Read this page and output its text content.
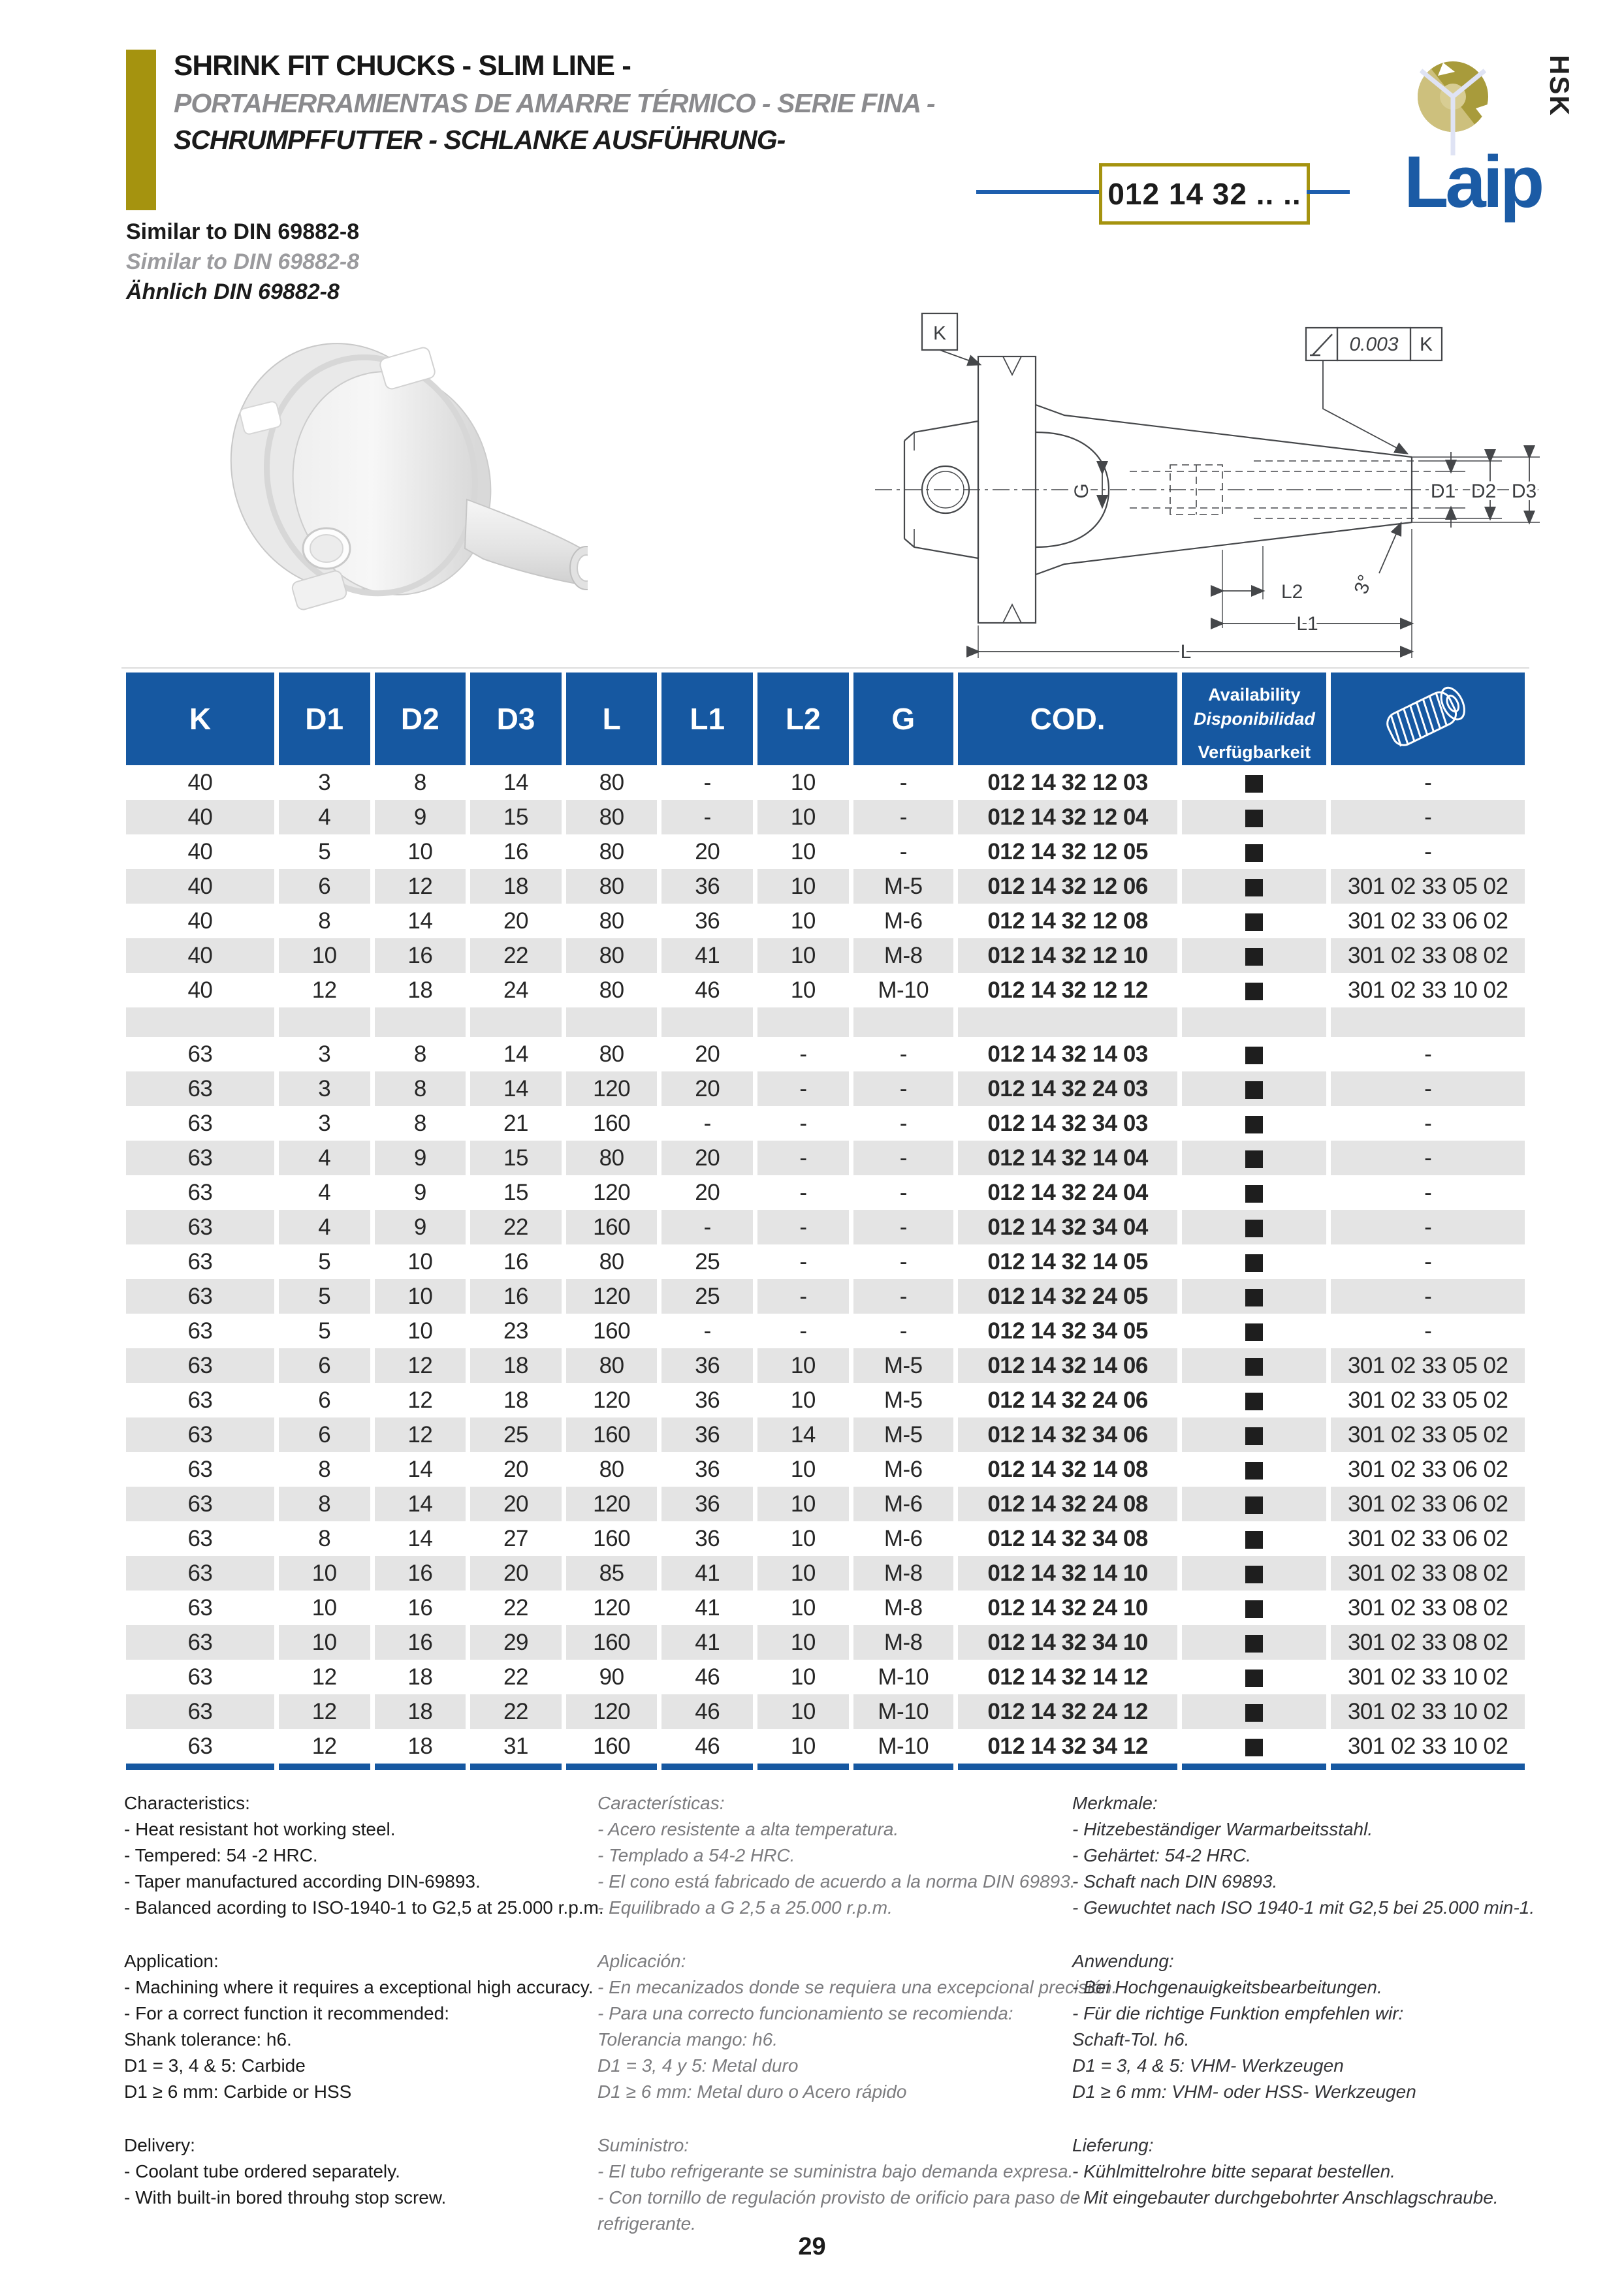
SHRINK FIT CHUCKS - SLIM LINE -
PORTAHERRAMIENTAS DE AMARRE TÉRMICO - SERIE FINA -
SCHRUMPFFUTTER - SCHLANKE AUSFÜHRUNG-
HSK
Laip
012 14 32 .. ..
Similar to DIN 69882-8
Similar to DIN 69882-8
Ähnlich DIN 69882-8
K
0.003 K
G
3°
D1 D2 D3
L2
L1
L
K	D1	D2	D3	L	L1	L2	G	COD.	Availability
Disponibilidad
Verfügbarkeit	
40	3	8	14	80	-	10	-	012 14 32 12 03		-
40	4	9	15	80	-	10	-	012 14 32 12 04		-
40	5	10	16	80	20	10	-	012 14 32 12 05		-
40	6	12	18	80	36	10	M-5	012 14 32 12 06		301 02 33 05 02
40	8	14	20	80	36	10	M-6	012 14 32 12 08		301 02 33 06 02
40	10	16	22	80	41	10	M-8	012 14 32 12 10		301 02 33 08 02
40	12	18	24	80	46	10	M-10	012 14 32 12 12		301 02 33 10 02

63	3	8	14	80	20	-	-	012 14 32 14 03		-
63	3	8	14	120	20	-	-	012 14 32 24 03		-
63	3	8	21	160	-	-	-	012 14 32 34 03		-
63	4	9	15	80	20	-	-	012 14 32 14 04		-
63	4	9	15	120	20	-	-	012 14 32 24 04		-
63	4	9	22	160	-	-	-	012 14 32 34 04		-
63	5	10	16	80	25	-	-	012 14 32 14 05		-
63	5	10	16	120	25	-	-	012 14 32 24 05		-
63	5	10	23	160	-	-	-	012 14 32 34 05		-
63	6	12	18	80	36	10	M-5	012 14 32 14 06		301 02 33 05 02
63	6	12	18	120	36	10	M-5	012 14 32 24 06		301 02 33 05 02
63	6	12	25	160	36	14	M-5	012 14 32 34 06		301 02 33 05 02
63	8	14	20	80	36	10	M-6	012 14 32 14 08		301 02 33 06 02
63	8	14	20	120	36	10	M-6	012 14 32 24 08		301 02 33 06 02
63	8	14	27	160	36	10	M-6	012 14 32 34 08		301 02 33 06 02
63	10	16	20	85	41	10	M-8	012 14 32 14 10		301 02 33 08 02
63	10	16	22	120	41	10	M-8	012 14 32 24 10		301 02 33 08 02
63	10	16	29	160	41	10	M-8	012 14 32 34 10		301 02 33 08 02
63	12	18	22	90	46	10	M-10	012 14 32 14 12		301 02 33 10 02
63	12	18	22	120	46	10	M-10	012 14 32 24 12		301 02 33 10 02
63	12	18	31	160	46	10	M-10	012 14 32 34 12		301 02 33 10 02

Characteristics:
- Heat resistant hot working steel.
- Tempered: 54 -2 HRC.
- Taper manufactured according DIN-69893.
- Balanced acording to ISO-1940-1 to G2,5 at 25.000 r.p.m.
Application:
- Machining where it requires a exceptional high accuracy.
- For a correct function it recommended:
Shank tolerance: h6.
D1 = 3, 4 & 5: Carbide
D1 ≥ 6 mm: Carbide or HSS
Delivery:
- Coolant tube ordered separately.
- With built-in bored throuhg stop screw.
Características:
- Acero resistente a alta temperatura.
- Templado a 54-2 HRC.
- El cono está fabricado de acuerdo a la norma DIN 69893.
- Equilibrado a G 2,5 a 25.000 r.p.m.
Aplicación:
- En mecanizados donde se requiera una excepcional precisión.
- Para una correcto funcionamiento se recomienda:
Tolerancia mango: h6.
D1 = 3, 4 y 5: Metal duro
D1 ≥ 6 mm: Metal duro o Acero rápido
Suministro:
- El tubo refrigerante se suministra bajo demanda expresa.
- Con tornillo de regulación provisto de orificio para paso de
refrigerante.
Merkmale:
- Hitzebeständiger Warmarbeitsstahl.
- Gehärtet: 54-2 HRC.
- Schaft nach DIN 69893.
- Gewuchtet nach ISO 1940-1 mit G2,5 bei 25.000 min-1.
Anwendung:
- Bei Hochgenauigkeitsbearbeitungen.
- Für die richtige Funktion empfehlen wir:
Schaft-Tol. h6.
D1 = 3, 4 & 5: VHM- Werkzeugen
D1 ≥ 6 mm: VHM- oder HSS- Werkzeugen
Lieferung:
- Kühlmittelrohre bitte separat bestellen.
- Mit eingebauter durchgebohrter Anschlagschraube.
29
